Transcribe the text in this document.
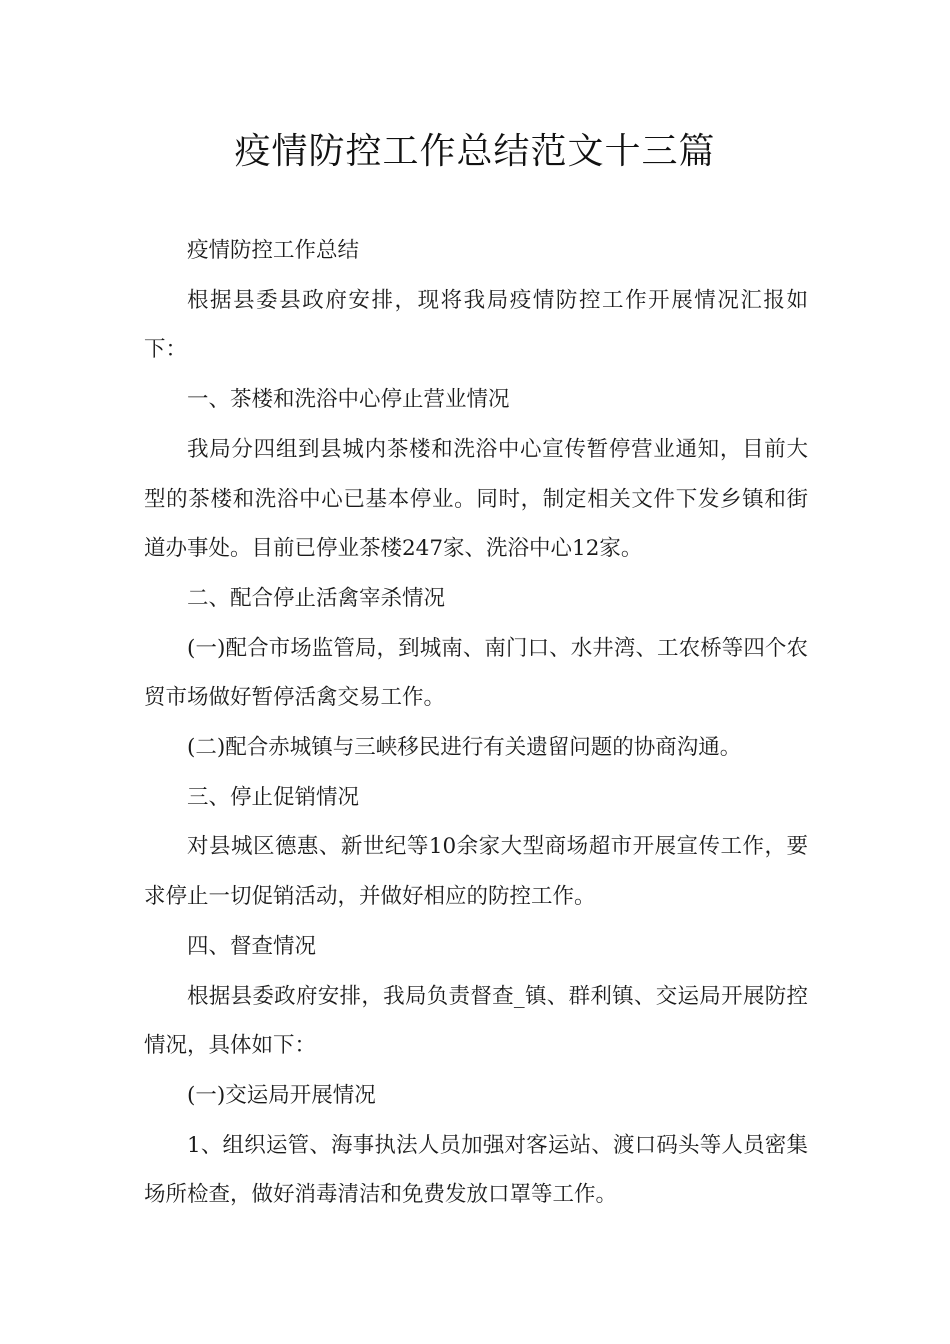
疫情防控工作总结范文十三篇

疫情防控工作总结

根据县委县政府安排，现将我局疫情防控工作开展情况汇报如下：

一、茶楼和洗浴中心停止营业情况

我局分四组到县城内茶楼和洗浴中心宣传暂停营业通知，目前大型的茶楼和洗浴中心已基本停业。同时，制定相关文件下发乡镇和街道办事处。目前已停业茶楼247家、洗浴中心12家。

二、配合停止活禽宰杀情况

(一)配合市场监管局，到城南、南门口、水井湾、工农桥等四个农贸市场做好暂停活禽交易工作。

(二)配合赤城镇与三峡移民进行有关遗留问题的协商沟通。

三、停止促销情况

对县城区德惠、新世纪等10余家大型商场超市开展宣传工作，要求停止一切促销活动，并做好相应的防控工作。

四、督查情况

根据县委政府安排，我局负责督查_镇、群利镇、交运局开展防控情况，具体如下：

(一)交运局开展情况

1、组织运管、海事执法人员加强对客运站、渡口码头等人员密集场所检查，做好消毒清洁和免费发放口罩等工作。
